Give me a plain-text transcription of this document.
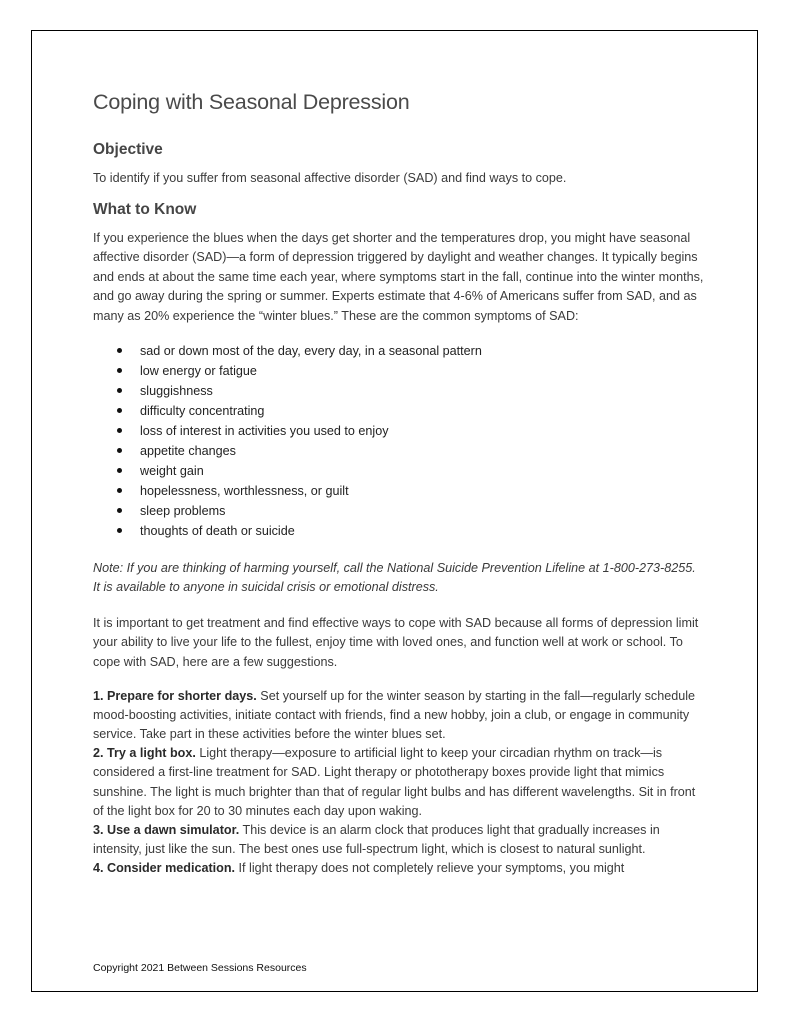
Coping with Seasonal Depression
Objective

To identify if you suffer from seasonal affective disorder (SAD) and find ways to cope.

What to Know

If you experience the blues when the days get shorter and the temperatures drop, you might have seasonal affective disorder (SAD)—a form of depression triggered by daylight and weather changes. It typically begins and ends at about the same time each year, where symptoms start in the fall, continue into the winter months, and go away during the spring or summer. Experts estimate that 4-6% of Americans suffer from SAD, and as many as 20% experience the “winter blues.” These are the common symptoms of SAD:

sad or down most of the day, every day, in a seasonal pattern
low energy or fatigue
sluggishness
difficulty concentrating
loss of interest in activities you used to enjoy
appetite changes
weight gain
hopelessness, worthlessness, or guilt
sleep problems
thoughts of death or suicide

Note: If you are thinking of harming yourself, call the National Suicide Prevention Lifeline at 1-800-273-8255. It is available to anyone in suicidal crisis or emotional distress.

It is important to get treatment and find effective ways to cope with SAD because all forms of depression limit your ability to live your life to the fullest, enjoy time with loved ones, and function well at work or school. To cope with SAD, here are a few suggestions.

1. Prepare for shorter days. Set yourself up for the winter season by starting in the fall—regularly schedule mood-boosting activities, initiate contact with friends, find a new hobby, join a club, or engage in community service. Take part in these activities before the winter blues set.

2. Try a light box. Light therapy—exposure to artificial light to keep your circadian rhythm on track—is considered a first-line treatment for SAD. Light therapy or phototherapy boxes provide light that mimics sunshine. The light is much brighter than that of regular light bulbs and has different wavelengths. Sit in front of the light box for 20 to 30 minutes each day upon waking.

3. Use a dawn simulator. This device is an alarm clock that produces light that gradually increases in intensity, just like the sun. The best ones use full-spectrum light, which is closest to natural sunlight.

4. Consider medication. If light therapy does not completely relieve your symptoms, you might

Copyright 2021 Between Sessions Resources
